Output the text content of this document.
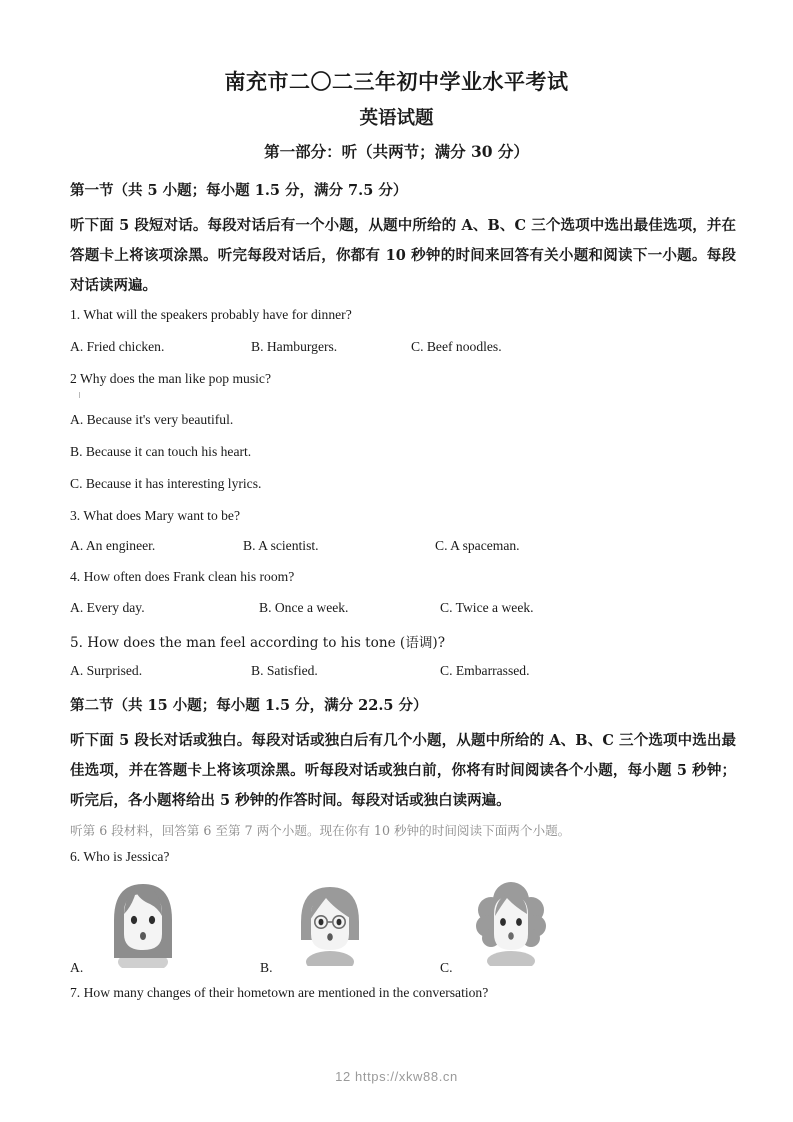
南充市二〇二三年初中学业水平考试
英语试题
第一部分：听（共两节；满分 30 分）
第一节（共 5 小题；每小题 1.5 分，满分 7.5 分）
听下面 5 段短对话。每段对话后有一个小题，从题中所给的 A、B、C 三个选项中选出最佳选项，并在答题卡上将该项涂黑。听完每段对话后，你都有 10 秒钟的时间来回答有关小题和阅读下一小题。每段对话读两遍。
1. What will the speakers probably have for dinner?
A. Fried chicken.	B. Hamburgers.	C. Beef noodles.
2 Why does the man like pop music?
A. Because it's very beautiful.
B. Because it can touch his heart.
C. Because it has interesting lyrics.
3. What does Mary want to be?
A. An engineer.	B. A scientist.	C. A spaceman.
4. How often does Frank clean his room?
A. Every day.	B. Once a week.	C. Twice a week.
5. How does the man feel according to his tone (语调)?
A. Surprised.	B. Satisfied.	C. Embarrassed.
第二节（共 15 小题；每小题 1.5 分，满分 22.5 分）
听下面 5 段长对话或独白。每段对话或独白后有几个小题，从题中所给的 A、B、C 三个选项中选出最佳选项，并在答题卡上将该项涂黑。听每段对话或独白前，你将有时间阅读各个小题，每小题 5 秒钟；听完后，各小题将给出 5 秒钟的作答时间。每段对话或独白读两遍。
听第 6 段材料，回答第 6 至第 7 两个小题。现在你有 10 秒钟的时间阅读下面两个小题。
6. Who is Jessica?
A.	B.	C.
7. How many changes of their hometown are mentioned in the conversation?
12 https://xkw88.cn
